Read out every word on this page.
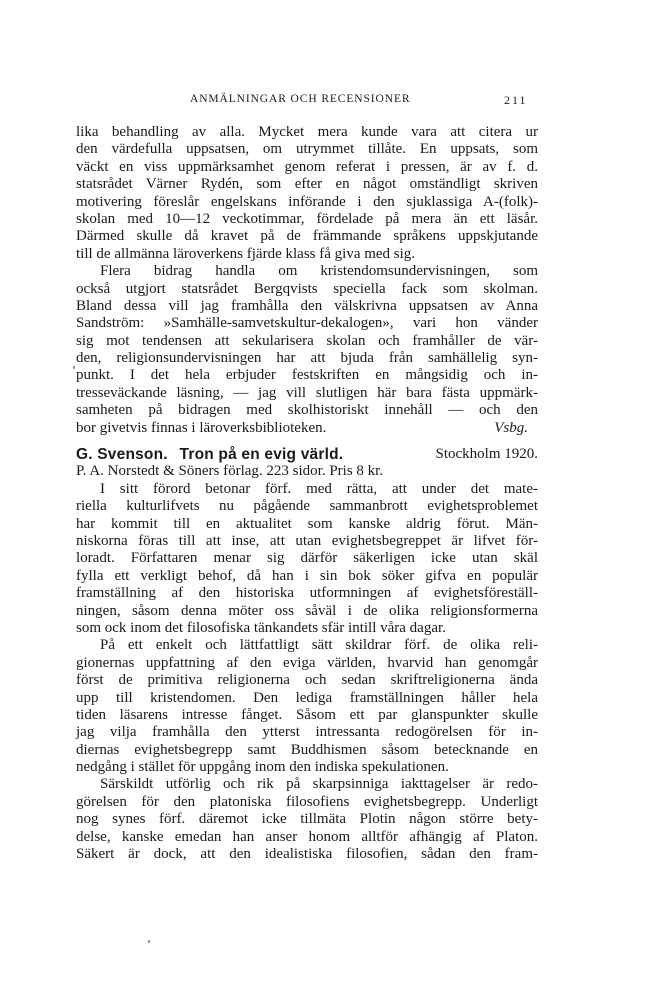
ANMÄLNINGAR OCH RECENSIONER	211
lika behandling av alla. Mycket mera kunde vara att citera ur
den värdefulla uppsatsen, om utrymmet tillåte. En uppsats, som
väckt en viss uppmärksamhet genom referat i pressen, är av f. d.
statsrådet Värner Rydén, som efter en något omständligt skriven
motivering föreslår engelskans införande i den sjuklassiga A-(folk)-
skolan med 10—12 veckotimmar, fördelade på mera än ett läsår.
Därmed skulle då kravet på de främmande språkens uppskjutande
till de allmänna läroverkens fjärde klass få giva med sig.
Flera bidrag handla om kristendomsundervisningen, som
också utgjort statsrådet Bergqvists speciella fack som skolman.
Bland dessa vill jag framhålla den välskrivna uppsatsen av Anna
Sandström: »Samhälle-samvetskultur-dekalogen», vari hon vänder
sig mot tendensen att sekularisera skolan och framhåller de vär-
den, religionsundervisningen har att bjuda från samhällelig syn-
punkt. I det hela erbjuder festskriften en mångsidig och in-
tresseväckande läsning, — jag vill slutligen här bara fästa uppmärk-
samheten på bidragen med skolhistoriskt innehåll — och den
bor givetvis finnas i läroverksbiblioteken.	Vsbg.
G. Svenson. Tron på en evig värld.	Stockholm 1920.
P. A. Norstedt & Söners förlag. 223 sidor. Pris 8 kr.
I sitt förord betonar förf. med rätta, att under det mate-
riella kulturlifvets nu pågående sammanbrott evighetsproblemet
har kommit till en aktualitet som kanske aldrig förut. Män-
niskorna föras till att inse, att utan evighetsbegreppet är lifvet för-
loradt. Författaren menar sig därför säkerligen icke utan skäl
fylla ett verkligt behof, då han i sin bok söker gifva en populär
framställning af den historiska utformningen af evighetsföreställ-
ningen, såsom denna möter oss såväl i de olika religionsformerna
som ock inom det filosofiska tänkandets sfär intill våra dagar.
På ett enkelt och lättfattligt sätt skildrar förf. de olika reli-
gionernas uppfattning af den eviga världen, hvarvid han genomgår
först de primitiva religionerna och sedan skriftreligionerna ända
upp till kristendomen. Den lediga framställningen håller hela
tiden läsarens intresse fånget. Såsom ett par glanspunkter skulle
jag vilja framhålla den ytterst intressanta redogörelsen för in-
diernas evighetsbegrepp samt Buddhismen såsom betecknande en
nedgång i stället för uppgång inom den indiska spekulationen.
Särskildt utförlig och rik på skarpsinniga iakttagelser är redo-
görelsen för den platoniska filosofiens evighetsbegrepp. Underligt
nog synes förf. däremot icke tillmäta Plotin någon större bety-
delse, kanske emedan han anser honom alltför afhängig af Platon.
Säkert är dock, att den idealistiska filosofien, sådan den fram-
